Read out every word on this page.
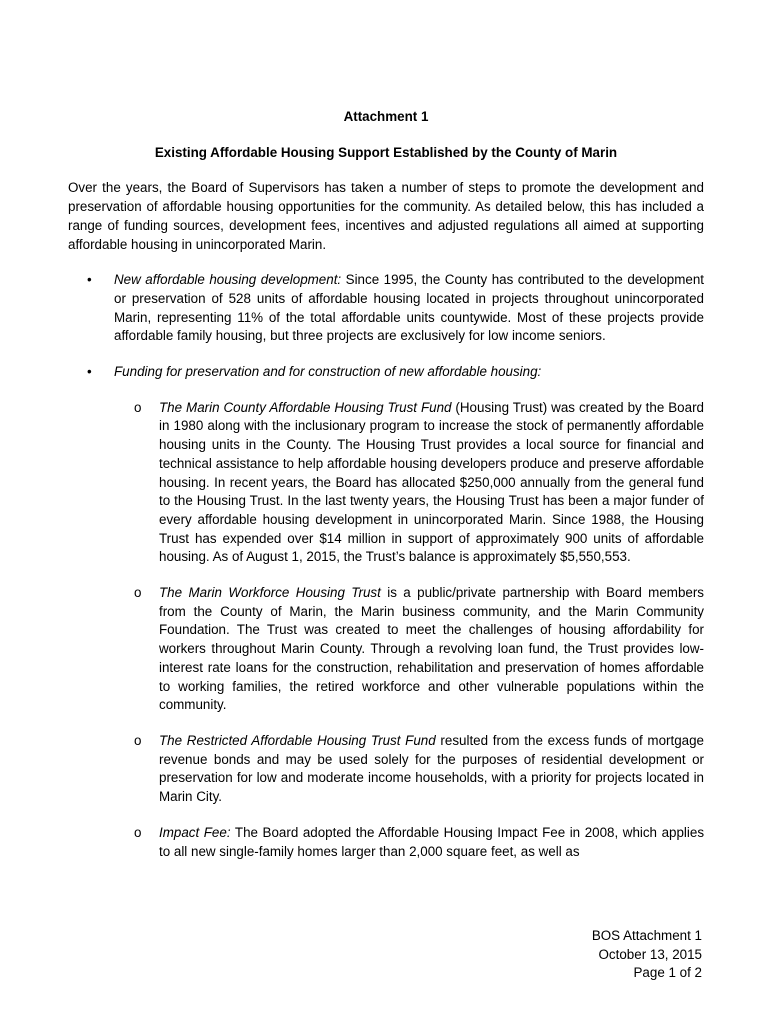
Attachment 1
Existing Affordable Housing Support Established by the County of Marin

Over the years, the Board of Supervisors has taken a number of steps to promote the development and preservation of affordable housing opportunities for the community. As detailed below, this has included a range of funding sources, development fees, incentives and adjusted regulations all aimed at supporting affordable housing in unincorporated Marin.

• New affordable housing development: Since 1995, the County has contributed to the development or preservation of 528 units of affordable housing located in projects throughout unincorporated Marin, representing 11% of the total affordable units countywide. Most of these projects provide affordable family housing, but three projects are exclusively for low income seniors.
• Funding for preservation and for construction of new affordable housing:
o The Marin County Affordable Housing Trust Fund (Housing Trust) was created by the Board in 1980 along with the inclusionary program to increase the stock of permanently affordable housing units in the County. The Housing Trust provides a local source for financial and technical assistance to help affordable housing developers produce and preserve affordable housing. In recent years, the Board has allocated $250,000 annually from the general fund to the Housing Trust. In the last twenty years, the Housing Trust has been a major funder of every affordable housing development in unincorporated Marin. Since 1988, the Housing Trust has expended over $14 million in support of approximately 900 units of affordable housing. As of August 1, 2015, the Trust’s balance is approximately $5,550,553.
o The Marin Workforce Housing Trust is a public/private partnership with Board members from the County of Marin, the Marin business community, and the Marin Community Foundation. The Trust was created to meet the challenges of housing affordability for workers throughout Marin County. Through a revolving loan fund, the Trust provides low-interest rate loans for the construction, rehabilitation and preservation of homes affordable to working families, the retired workforce and other vulnerable populations within the community.
o The Restricted Affordable Housing Trust Fund resulted from the excess funds of mortgage revenue bonds and may be used solely for the purposes of residential development or preservation for low and moderate income households, with a priority for projects located in Marin City.
o Impact Fee: The Board adopted the Affordable Housing Impact Fee in 2008, which applies to all new single-family homes larger than 2,000 square feet, as well as
BOS Attachment 1
October 13, 2015
Page 1 of 2
